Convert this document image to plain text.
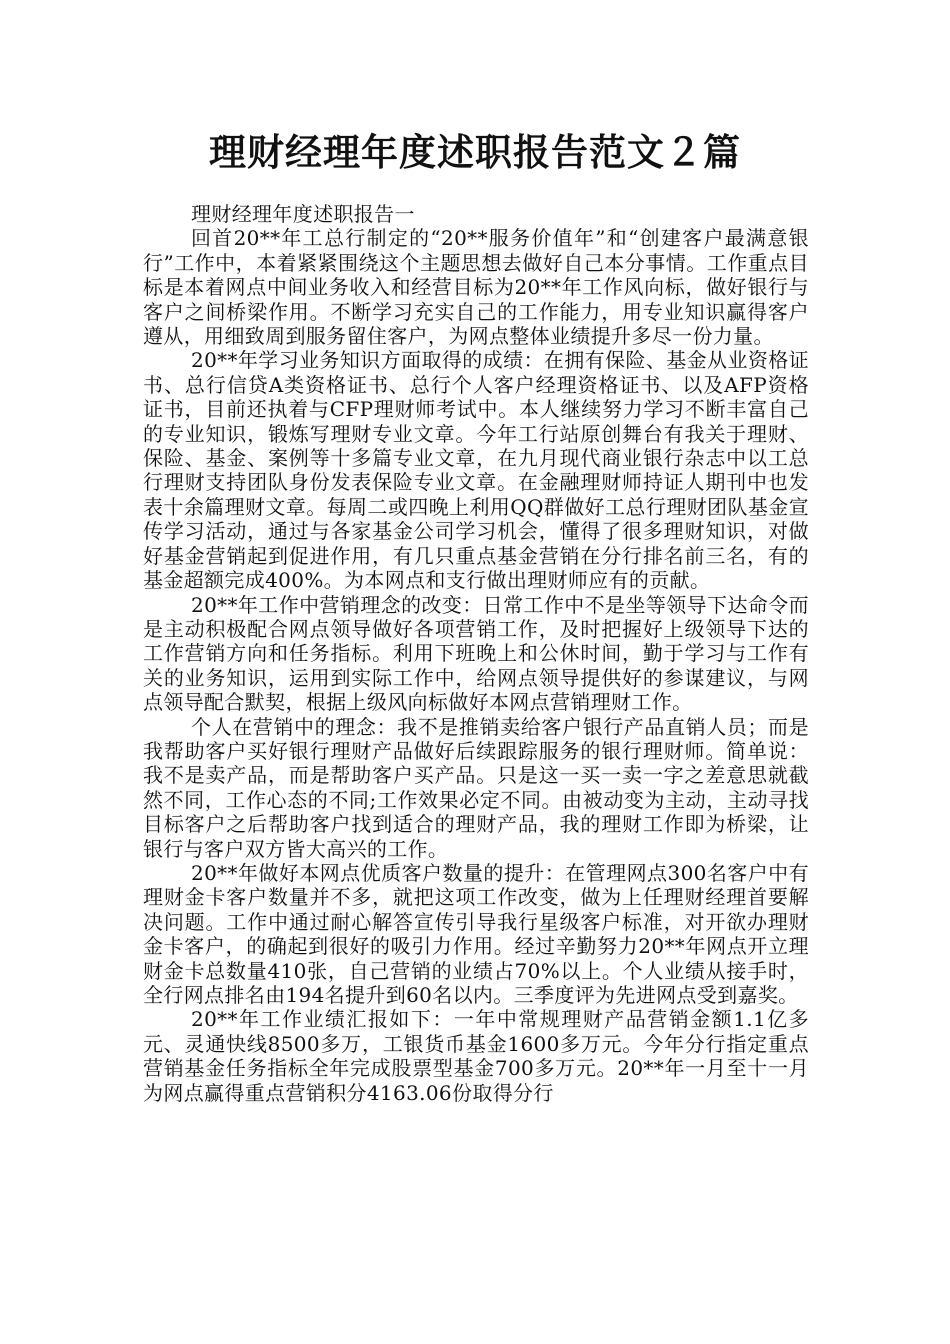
理财经理年度述职报告范文２篇

理财经理年度述职报告一

回首20**年工总行制定的“20**服务价值年”和“创建客户最满意银行”工作中，本着紧紧围绕这个主题思想去做好自己本分事情。工作重点目标是本着网点中间业务收入和经营目标为20**年工作风向标，做好银行与客户之间桥梁作用。不断学习充实自己的工作能力，用专业知识赢得客户遵从，用细致周到服务留住客户，为网点整体业绩提升多尽一份力量。

20**年学习业务知识方面取得的成绩：在拥有保险、基金从业资格证书、总行信贷A类资格证书、总行个人客户经理资格证书、以及AFP资格证书，目前还执着与CFP理财师考试中。本人继续努力学习不断丰富自己的专业知识，锻炼写理财专业文章。今年工行站原创舞台有我关于理财、保险、基金、案例等十多篇专业文章，在九月现代商业银行杂志中以工总行理财支持团队身份发表保险专业文章。在金融理财师持证人期刊中也发表十余篇理财文章。每周二或四晚上利用QQ群做好工总行理财团队基金宣传学习活动，通过与各家基金公司学习机会，懂得了很多理财知识，对做好基金营销起到促进作用，有几只重点基金营销在分行排名前三名，有的基金超额完成400%。为本网点和支行做出理财师应有的贡献。

20**年工作中营销理念的改变：日常工作中不是坐等领导下达命令而是主动积极配合网点领导做好各项营销工作，及时把握好上级领导下达的工作营销方向和任务指标。利用下班晚上和公休时间，勤于学习与工作有关的业务知识，运用到实际工作中，给网点领导提供好的参谋建议，与网点领导配合默契，根据上级风向标做好本网点营销理财工作。

个人在营销中的理念：我不是推销卖给客户银行产品直销人员；而是我帮助客户买好银行理财产品做好后续跟踪服务的银行理财师。简单说：我不是卖产品，而是帮助客户买产品。只是这一买一卖一字之差意思就截然不同，工作心态的不同;工作效果必定不同。由被动变为主动，主动寻找目标客户之后帮助客户找到适合的理财产品，我的理财工作即为桥梁，让银行与客户双方皆大高兴的工作。

20**年做好本网点优质客户数量的提升：在管理网点300名客户中有理财金卡客户数量并不多，就把这项工作改变，做为上任理财经理首要解决问题。工作中通过耐心解答宣传引导我行星级客户标准，对开欲办理财金卡客户，的确起到很好的吸引力作用。经过辛勤努力20**年网点开立理财金卡总数量410张，自己营销的业绩占70%以上。个人业绩从接手时，全行网点排名由194名提升到60名以内。三季度评为先进网点受到嘉奖。

20**年工作业绩汇报如下：一年中常规理财产品营销金额1.1亿多元、灵通快线8500多万，工银货币基金1600多万元。今年分行指定重点营销基金任务指标全年完成股票型基金700多万元。20**年一月至十一月为网点赢得重点营销积分4163.06份取得分行
